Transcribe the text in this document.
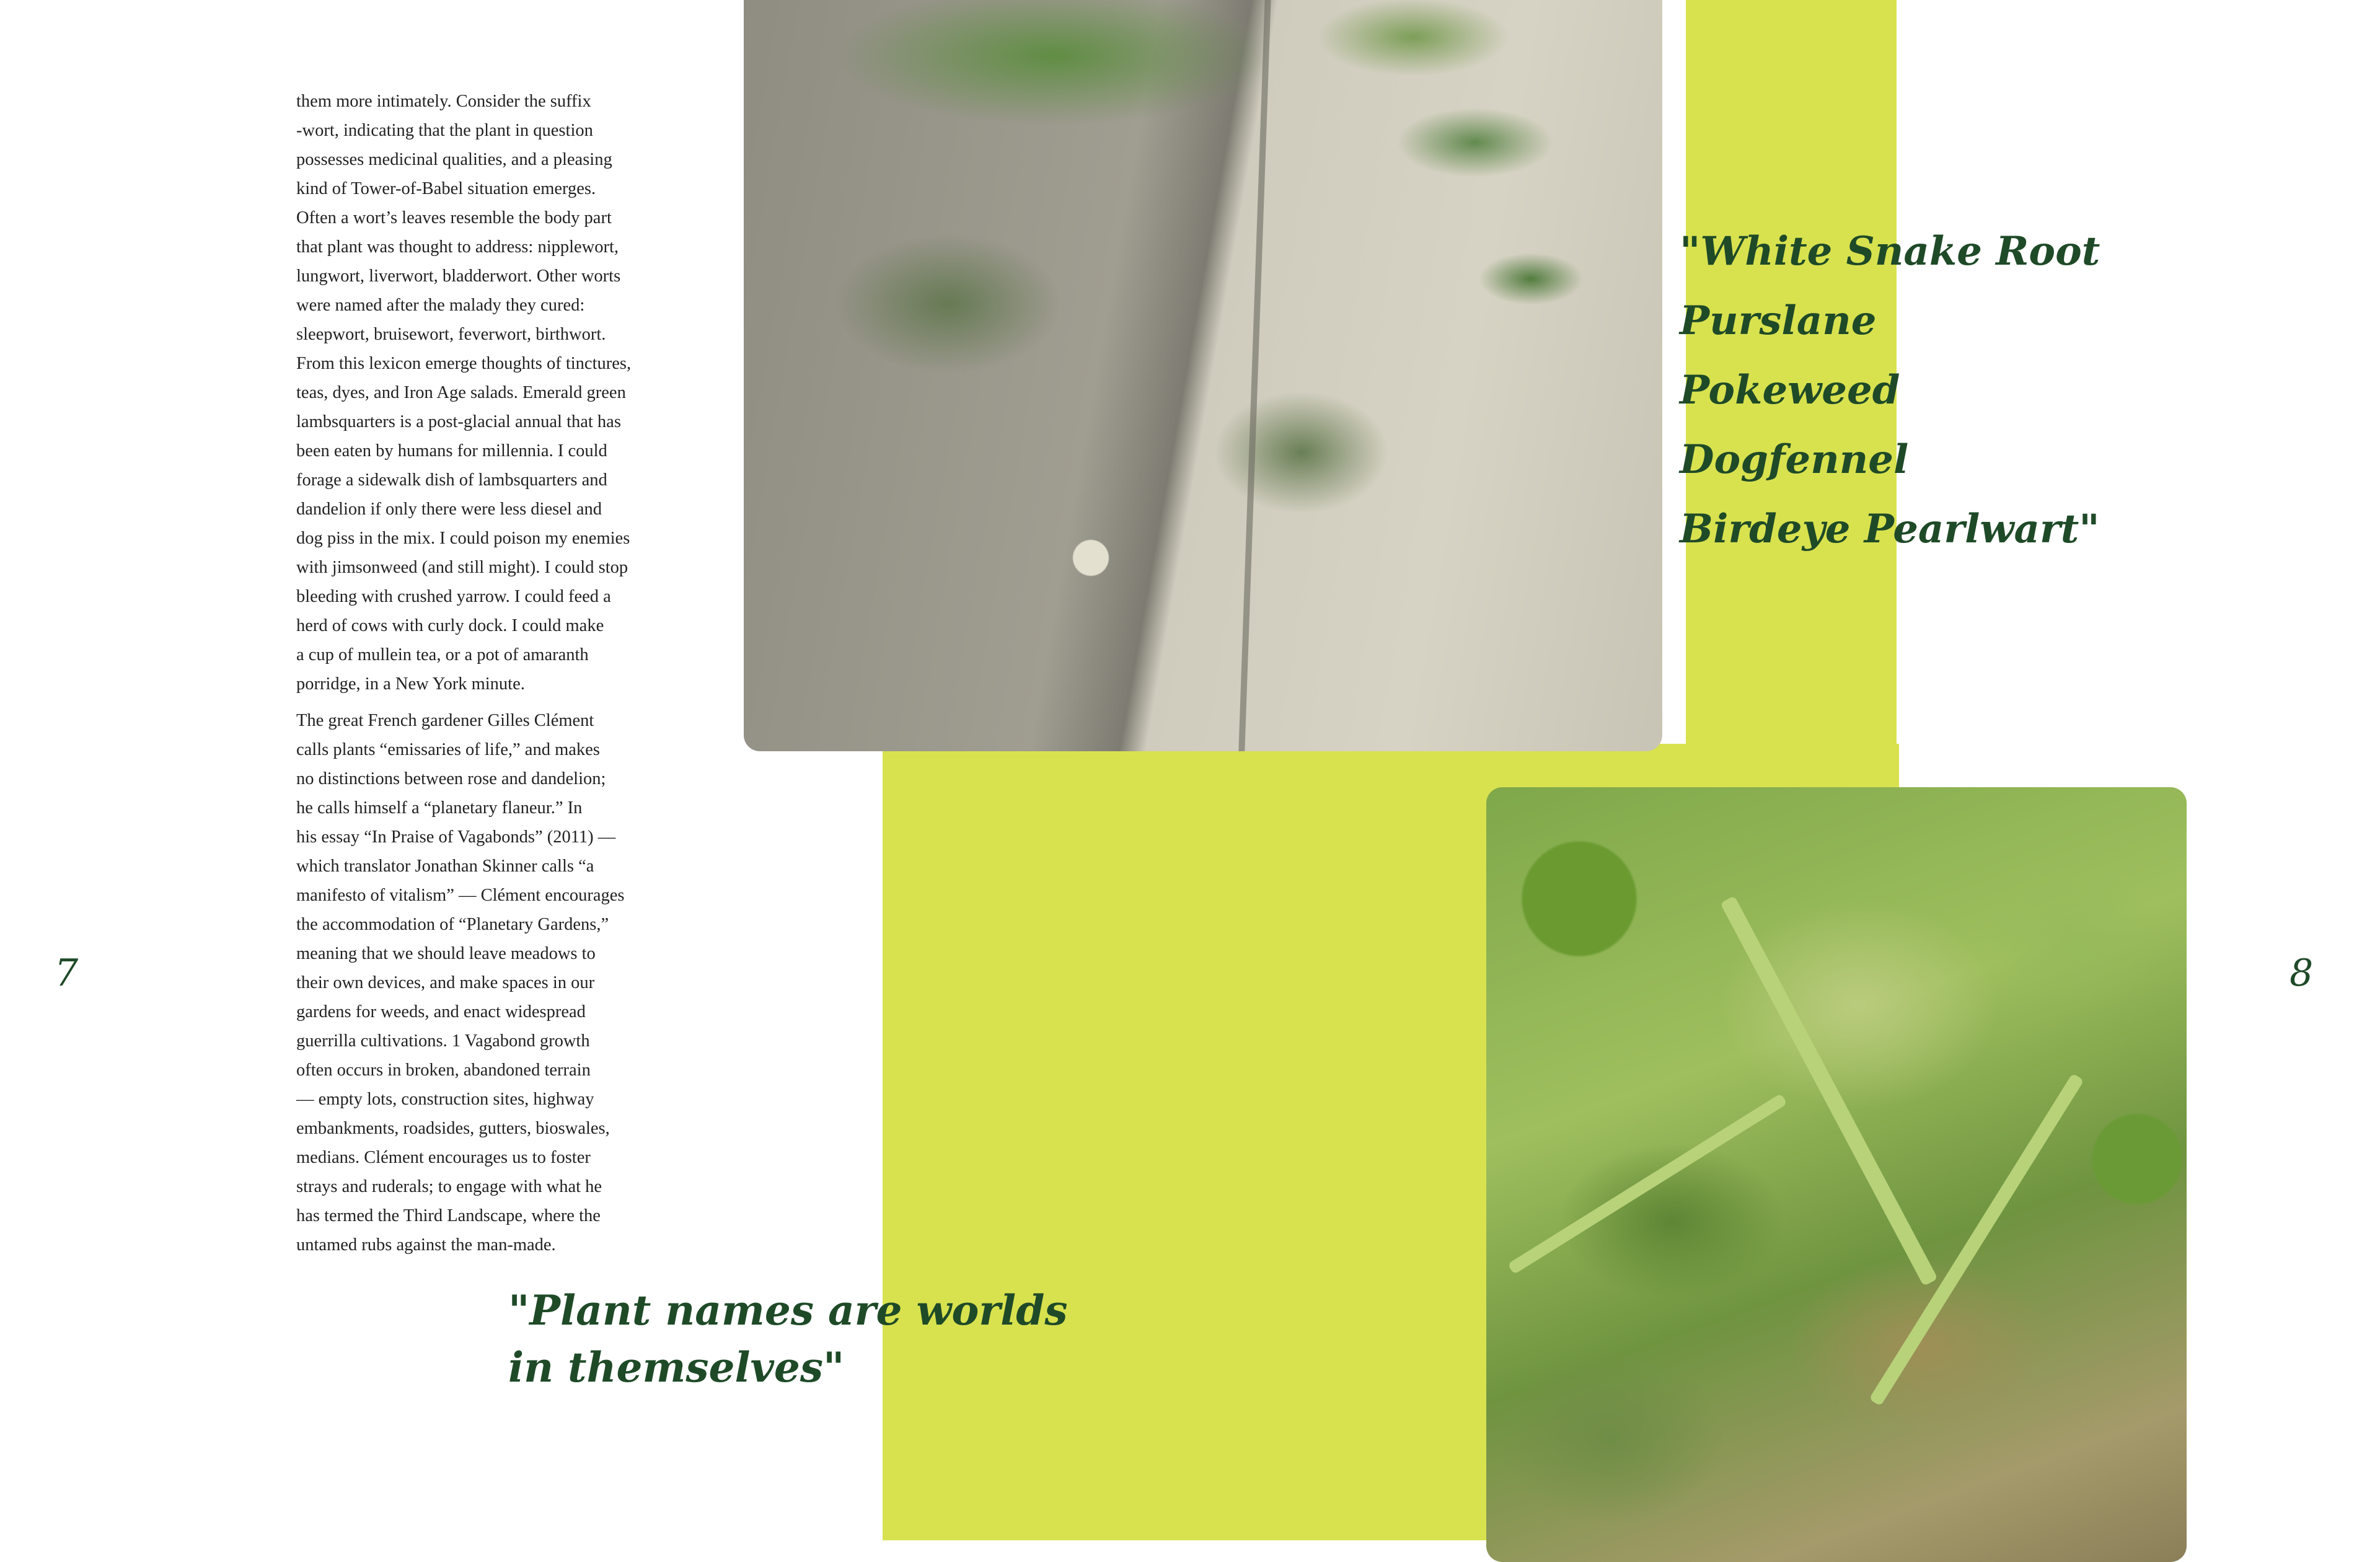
them more intimately. Consider the suffix
-wort, indicating that the plant in question
possesses medicinal qualities, and a pleasing
kind of Tower-of-Babel situation emerges.
Often a wort’s leaves resemble the body part
that plant was thought to address: nipplewort,
lungwort, liverwort, bladderwort. Other worts
were named after the malady they cured:
sleepwort, bruisewort, feverwort, birthwort.
From this lexicon emerge thoughts of tinctures,
teas, dyes, and Iron Age salads. Emerald green
lambsquarters is a post-glacial annual that has
been eaten by humans for millennia. I could
forage a sidewalk dish of lambsquarters and
dandelion if only there were less diesel and
dog piss in the mix. I could poison my enemies
with jimsonweed (and still might). I could stop
bleeding with crushed yarrow. I could feed a
herd of cows with curly dock. I could make
a cup of mullein tea, or a pot of amaranth
porridge, in a New York minute.

The great French gardener Gilles Clément
calls plants “emissaries of life,” and makes
no distinctions between rose and dandelion;
he calls himself a “planetary flaneur.” In
his essay “In Praise of Vagabonds” (2011) —
which translator Jonathan Skinner calls “a
manifesto of vitalism” — Clément encourages
the accommodation of “Planetary Gardens,”
meaning that we should leave meadows to
their own devices, and make spaces in our
gardens for weeds, and enact widespread
guerrilla cultivations. 1 Vagabond growth
often occurs in broken, abandoned terrain
— empty lots, construction sites, highway
embankments, roadsides, gutters, bioswales,
medians. Clément encourages us to foster
strays and ruderals; to engage with what he
has termed the Third Landscape, where the
untamed rubs against the man-made.

"White Snake Root
Purslane
Pokeweed
Dogfennel
Birdeye Pearlwart"
"Plant names are worlds
in themselves"
7	8
